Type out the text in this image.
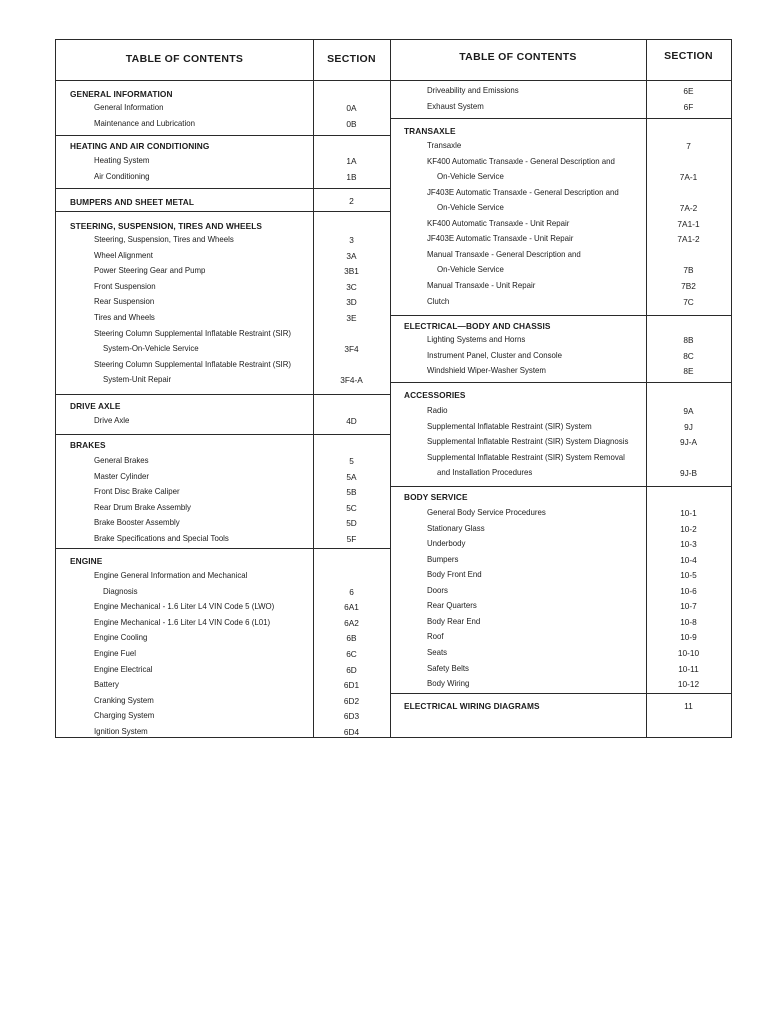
TABLE OF CONTENTS	SECTION
GENERAL INFORMATION
General Information	0A
Maintenance and Lubrication	0B
HEATING AND AIR CONDITIONING
Heating System	1A
Air Conditioning	1B
BUMPERS AND SHEET METAL	2
STEERING, SUSPENSION, TIRES AND WHEELS
Steering, Suspension, Tires and Wheels	3
Wheel Alignment	3A
Power Steering Gear and Pump	3B1
Front Suspension	3C
Rear Suspension	3D
Tires and Wheels	3E
Steering Column Supplemental Inflatable Restraint (SIR)
System-On-Vehicle Service	3F4
Steering Column Supplemental Inflatable Restraint (SIR)
System-Unit Repair	3F4-A
DRIVE AXLE
Drive Axle	4D
BRAKES
General Brakes	5
Master Cylinder	5A
Front Disc Brake Caliper	5B
Rear Drum Brake Assembly	5C
Brake Booster Assembly	5D
Brake Specifications and Special Tools	5F
ENGINE
Engine General Information and Mechanical
Diagnosis	6
Engine Mechanical - 1.6 Liter L4 VIN Code 5 (LWO)	6A1
Engine Mechanical - 1.6 Liter L4 VIN Code 6 (L01)	6A2
Engine Cooling	6B
Engine Fuel	6C
Engine Electrical	6D
Battery	6D1
Cranking System	6D2
Charging System	6D3
Ignition System	6D4
TABLE OF CONTENTS	SECTION
Driveability and Emissions	6E
Exhaust System	6F
TRANSAXLE
Transaxle	7
KF400 Automatic Transaxle - General Description and
On-Vehicle Service	7A-1
JF403E Automatic Transaxle - General Description and
On-Vehicle Service	7A-2
KF400 Automatic Transaxle - Unit Repair	7A1-1
JF403E Automatic Transaxle - Unit Repair	7A1-2
Manual Transaxle - General Description and
On-Vehicle Service	7B
Manual Transaxle - Unit Repair	7B2
Clutch	7C
ELECTRICAL—BODY AND CHASSIS
Lighting Systems and Horns	8B
Instrument Panel, Cluster and Console	8C
Windshield Wiper-Washer System	8E
ACCESSORIES
Radio	9A
Supplemental Inflatable Restraint (SIR) System	9J
Supplemental Inflatable Restraint (SIR) System Diagnosis	9J-A
Supplemental Inflatable Restraint (SIR) System Removal
and Installation Procedures	9J-B
BODY SERVICE
General Body Service Procedures	10-1
Stationary Glass	10-2
Underbody	10-3
Bumpers	10-4
Body Front End	10-5
Doors	10-6
Rear Quarters	10-7
Body Rear End	10-8
Roof	10-9
Seats	10-10
Safety Belts	10-11
Body Wiring	10-12
ELECTRICAL WIRING DIAGRAMS	11
